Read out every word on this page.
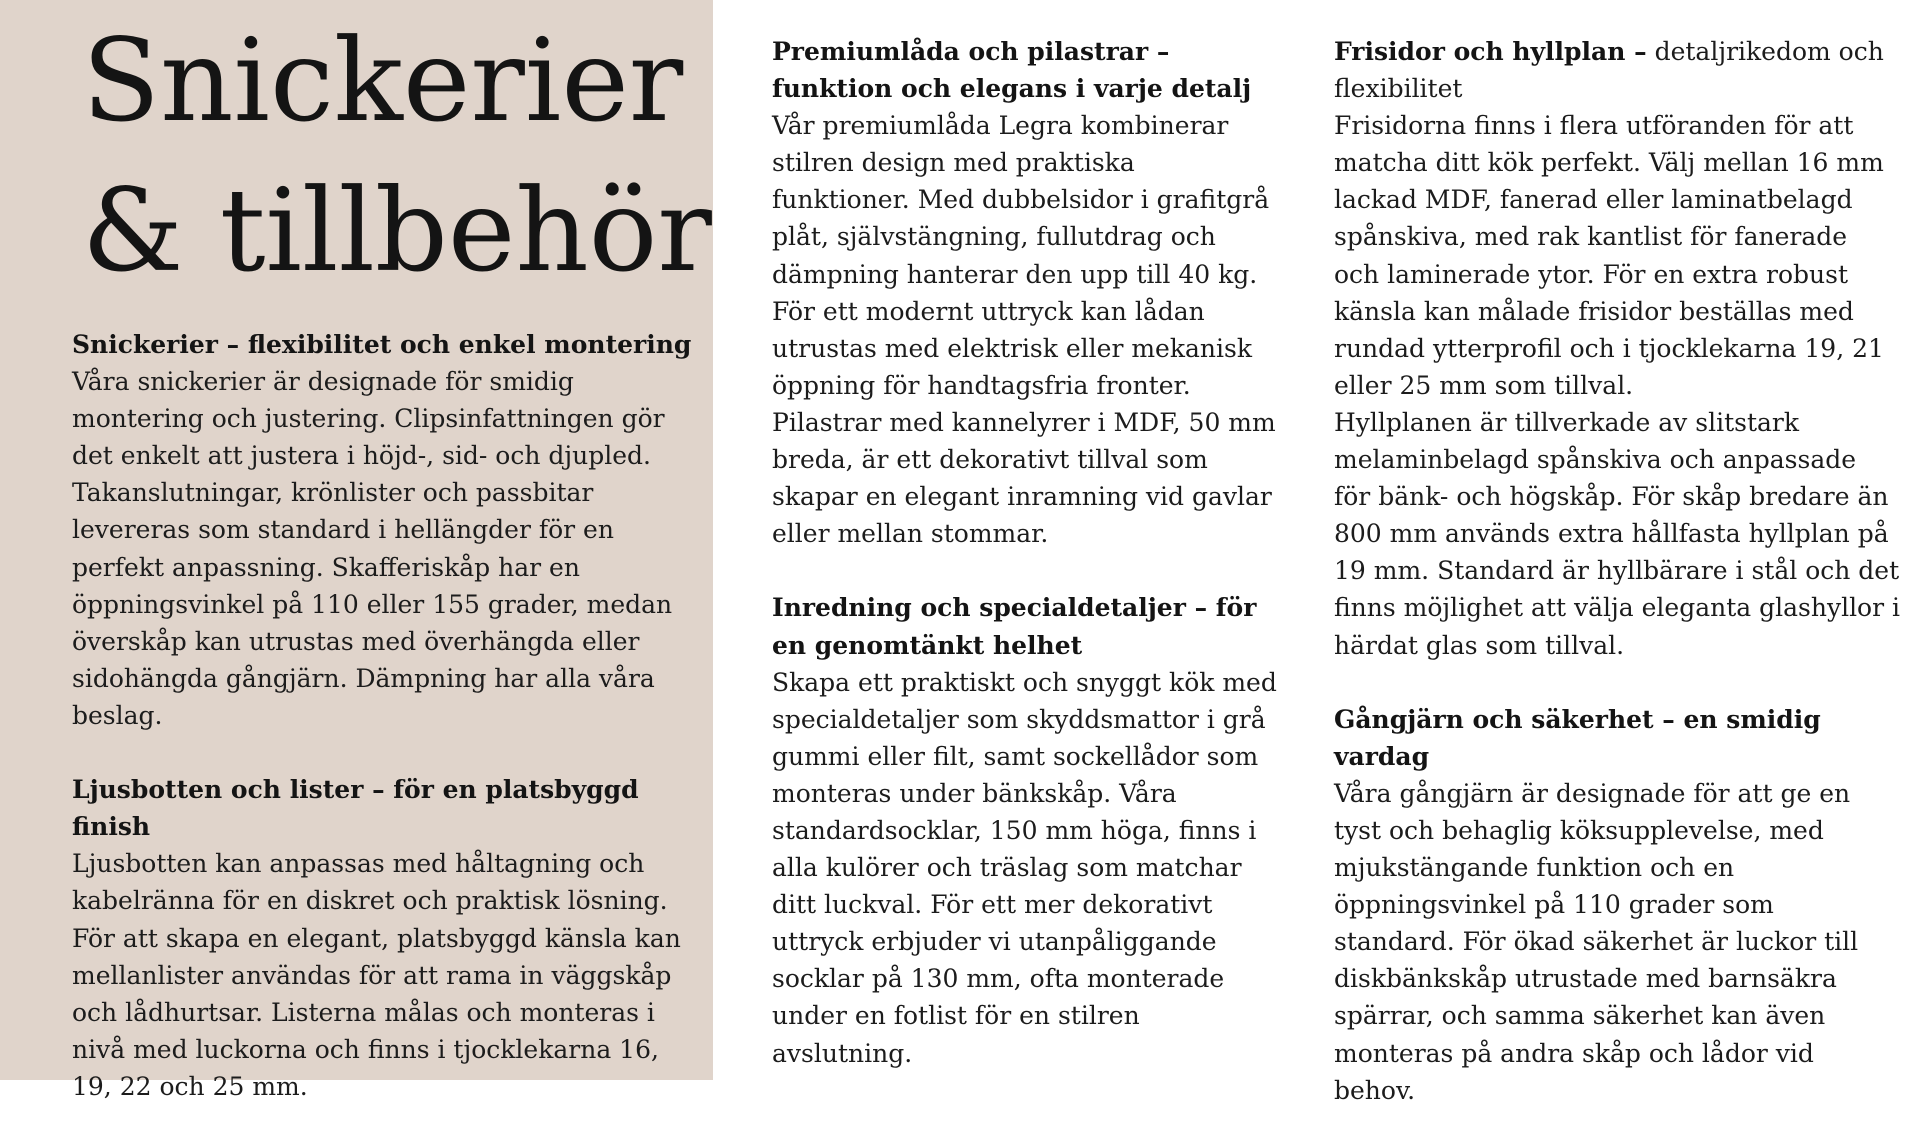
Snickerier
& tillbehör

Snickerier – flexibilitet och enkel montering
Våra snickerier är designade för smidig montering och justering. Clipsinfattningen gör det enkelt att justera i höjd-, sid- och djupled. Takanslutningar, krönlister och passbitar levereras som standard i hellängder för en perfekt anpassning. Skafferiskåp har en öppningsvinkel på 110 eller 155 grader, medan överskåp kan utrustas med överhängda eller sidohängda gångjärn. Dämpning har alla våra beslag.

Ljusbotten och lister – för en platsbyggd finish
Ljusbotten kan anpassas med håltagning och kabelränna för en diskret och praktisk lösning. För att skapa en elegant, platsbyggd känsla kan mellanlister användas för att rama in väggskåp och lådhurtsar. Listerna målas och monteras i nivå med luckorna och finns i tjocklekarna 16, 19, 22 och 25 mm.

Premiumlåda och pilastrar – funktion och elegans i varje detalj
Vår premiumlåda Legra kombinerar stilren design med praktiska funktioner. Med dubbelsidor i grafitgrå plåt, självstängning, fullutdrag och dämpning hanterar den upp till 40 kg. För ett modernt uttryck kan lådan utrustas med elektrisk eller mekanisk öppning för handtagsfria fronter. Pilastrar med kannelyrer i MDF, 50 mm breda, är ett dekorativt tillval som skapar en elegant inramning vid gavlar eller mellan stommar.

Inredning och specialdetaljer – för en genomtänkt helhet
Skapa ett praktiskt och snyggt kök med specialdetaljer som skyddsmattor i grå gummi eller filt, samt sockellådor som monteras under bänkskåp. Våra standardsocklar, 150 mm höga, finns i alla kulörer och träslag som matchar ditt luckval. För ett mer dekorativt uttryck erbjuder vi utanpåliggande socklar på 130 mm, ofta monterade under en fotlist för en stilren avslutning.

Frisidor och hyllplan – detaljrikedom och flexibilitet
Frisidorna finns i flera utföranden för att matcha ditt kök perfekt. Välj mellan 16 mm lackad MDF, fanerad eller laminatbelagd spånskiva, med rak kantlist för fanerade och laminerade ytor. För en extra robust känsla kan målade frisidor beställas med rundad ytterprofil och i tjocklekarna 19, 21 eller 25 mm som tillval.
Hyllplanen är tillverkade av slitstark melaminbelagd spånskiva och anpassade för bänk- och högskåp. För skåp bredare än 800 mm används extra hållfasta hyllplan på 19 mm. Standard är hyllbärare i stål och det finns möjlighet att välja eleganta glashyllor i härdat glas som tillval.

Gångjärn och säkerhet – en smidig vardag
Våra gångjärn är designade för att ge en tyst och behaglig köksupplevelse, med mjukstängande funktion och en öppningsvinkel på 110 grader som standard. För ökad säkerhet är luckor till diskbänkskåp utrustade med barnsäkra spärrar, och samma säkerhet kan även monteras på andra skåp och lådor vid behov.
